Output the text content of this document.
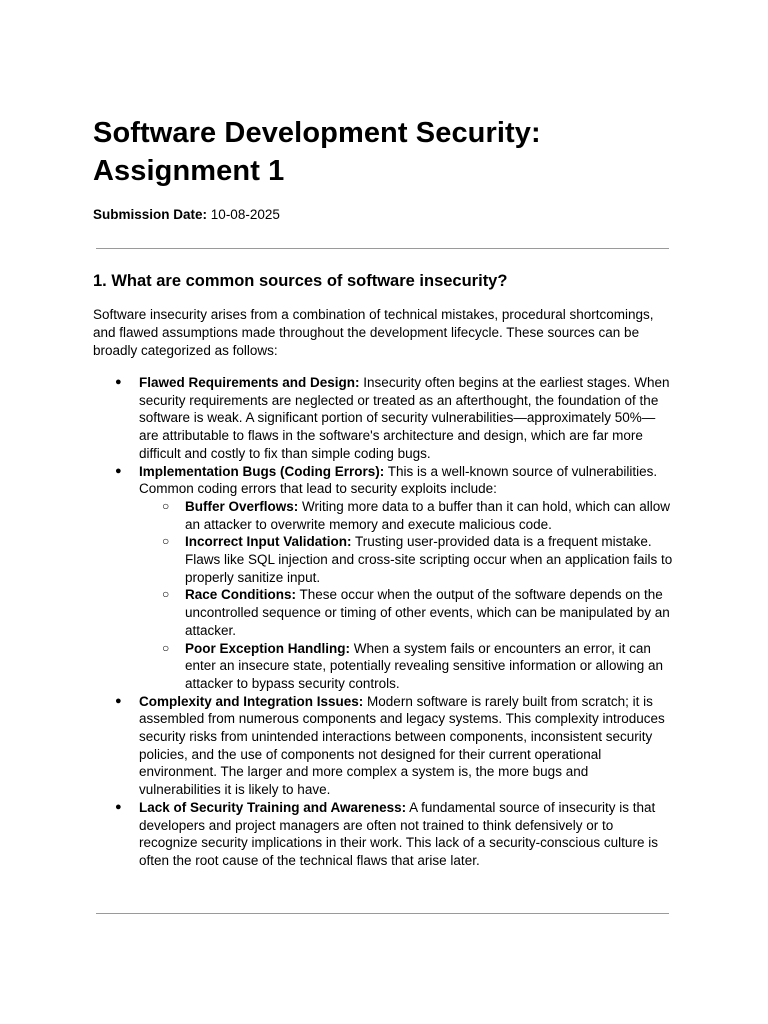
Software Development Security: Assignment 1
Submission Date: 10-08-2025
1. What are common sources of software insecurity?

Software insecurity arises from a combination of technical mistakes, procedural shortcomings, and flawed assumptions made throughout the development lifecycle. These sources can be broadly categorized as follows:

● Flawed Requirements and Design: Insecurity often begins at the earliest stages. When security requirements are neglected or treated as an afterthought, the foundation of the software is weak. A significant portion of security vulnerabilities—approximately 50%—are attributable to flaws in the software's architecture and design, which are far more difficult and costly to fix than simple coding bugs.
● Implementation Bugs (Coding Errors): This is a well-known source of vulnerabilities. Common coding errors that lead to security exploits include:
○ Buffer Overflows: Writing more data to a buffer than it can hold, which can allow an attacker to overwrite memory and execute malicious code.
○ Incorrect Input Validation: Trusting user-provided data is a frequent mistake. Flaws like SQL injection and cross-site scripting occur when an application fails to properly sanitize input.
○ Race Conditions: These occur when the output of the software depends on the uncontrolled sequence or timing of other events, which can be manipulated by an attacker.
○ Poor Exception Handling: When a system fails or encounters an error, it can enter an insecure state, potentially revealing sensitive information or allowing an attacker to bypass security controls.
● Complexity and Integration Issues: Modern software is rarely built from scratch; it is assembled from numerous components and legacy systems. This complexity introduces security risks from unintended interactions between components, inconsistent security policies, and the use of components not designed for their current operational environment. The larger and more complex a system is, the more bugs and vulnerabilities it is likely to have.
● Lack of Security Training and Awareness: A fundamental source of insecurity is that developers and project managers are often not trained to think defensively or to recognize security implications in their work. This lack of a security-conscious culture is often the root cause of the technical flaws that arise later.
